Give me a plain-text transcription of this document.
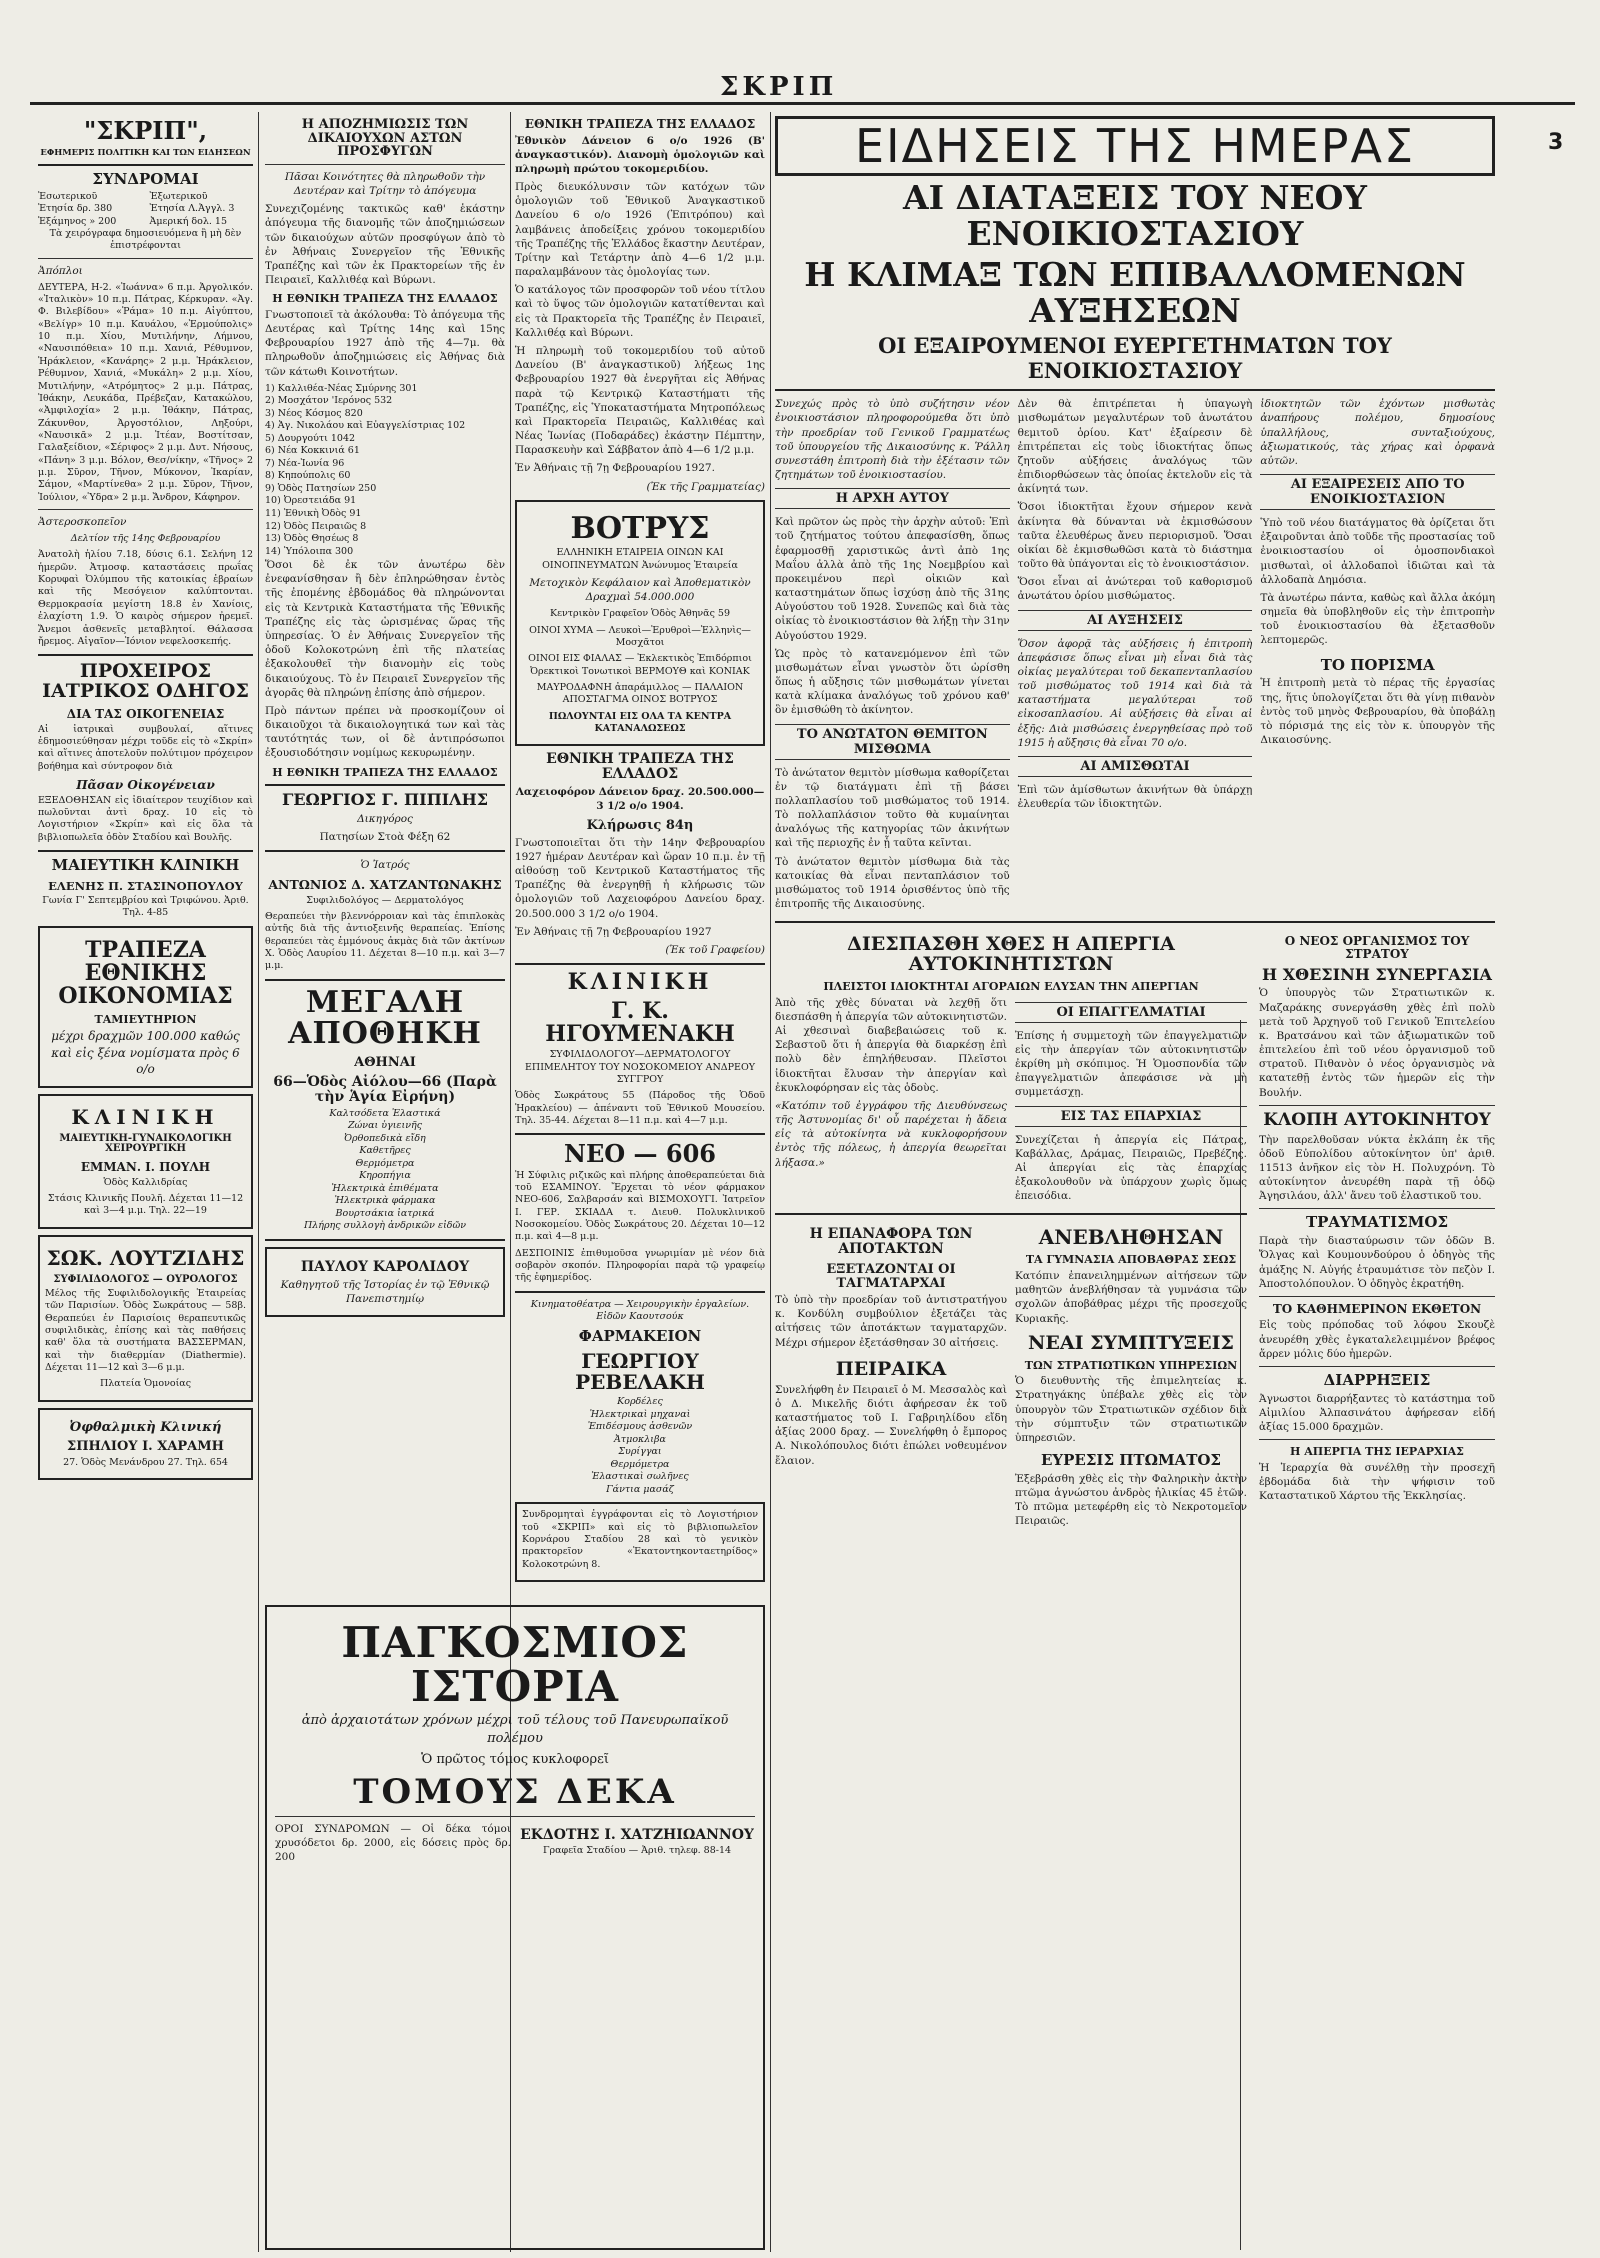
ΣΚΡΙΠ
3
"ΣΚΡΙΠ",
ΕΦΗΜΕΡΙΣ ΠΟΛΙΤΙΚΗ ΚΑΙ ΤΩΝ ΕΙΔΗΣΕΩΝ
ΣΥΝΔΡΟΜΑΙ
Ἐσωτερικοῦ
Ἐτησία δρ. 380
Ἑξάμηνος » 200
Ἐξωτερικοῦ
Ἐτησία Λ.Ἀγγλ. 3
Ἀμερική δολ. 15
Τὰ χειρόγραφα δημοσιευόμενα ἢ μὴ δὲν ἐπιστρέφονται
Ἀπόπλοι
ΔΕΥΤΕΡΑ, Η-2. «Ἰωάννα» 6 π.μ. Ἀργολικόν. «Ἰταλικὸν» 10 π.μ. Πάτρας, Κέρκυραν. «Ἀγ. Φ. Βιλεβίδου» «Ῥάμα» 10 π.μ. Αἰγύπτου, «Βελίγρ» 10 π.μ. Καυάλου, «Ἐρμούπολις» 10 π.μ. Χίου, Μυτιλήνην, Λήμνου, «Ναυσιπόθεια» 10 π.μ. Χανιά, Ρέθυμνον, Ἡράκλειον, «Κανάρης» 2 μ.μ. Ἡράκλειον, Ρέθυμνον, Χανιά, «Μυκάλη» 2 μ.μ. Χίου, Μυτιλήνην, «Ατρόμητος» 2 μ.μ. Πάτρας, Ἰθάκην, Λευκάδα, Πρέβεζαν, Κατακώλου, «Ἀμφιλοχία» 2 μ.μ. Ἰθάκην, Πάτρας, Ζάκυνθον, Ἀργοστόλιον, Ληξούρι, «Ναυσικᾶ» 2 μ.μ. Ἰτέαν, Βοστίτσαν, Γαλαξείδιον, «Σέριφος» 2 μ.μ. Δυτ. Νήσους, «Πάνη» 3 μ.μ. Βόλον, Θεσ/νίκην, «Τῆνος» 2 μ.μ. Σῦρον, Τῆνον, Μύκονον, Ἰκαρίαν, Σάμον, «Μαρτίνεθα» 2 μ.μ. Σῦρον, Τῆνον, Ἰούλιον, «Ὑδρα» 2 μ.μ. Ἄνδρον, Κάφηρον.
Ἀστεροσκοπεῖον
Δελτίον τῆς 14ης Φεβρουαρίου
Ἀνατολὴ ἡλίου 7.18, δύσις 6.1. Σελήνη 12 ἡμερῶν. Ἀτμοσφ. καταστάσεις πρωΐας Κορυφαὶ Ὀλύμπου τῆς κατοικίας ἐβραίων καὶ τῆς Μεσόγειον καλύπτονται. Θερμοκρασία μεγίστη 18.8 ἐν Χανίοις, ἐλαχίστη 1.9. Ὁ καιρὸς σήμερον ἠρεμεῖ. Ἄνεμοι ἀσθενεῖς μεταβλητοί. Θάλασσα ἤρεμος. Αἰγαῖον—Ἰόνιον νεφελοσκεπής.
ΠΡΟΧΕΙΡΟΣ ΙΑΤΡΙΚΟΣ ΟΔΗΓΟΣ
ΔΙΑ ΤΑΣ ΟΙΚΟΓΕΝΕΙΑΣ
Αἱ ἰατρικαὶ συμβουλαί, αἵτινες ἐδημοσιεύθησαν μέχρι τοῦδε εἰς τὸ «Σκρίπ» καὶ αἵτινες ἀποτελοῦν πολύτιμον πρόχειρον βοήθημα καὶ σύντροφον διὰ
Πᾶσαν Οἰκογένειαν
ΕΞΕΔΟΘΗΣΑΝ εἰς ἰδιαίτερον τευχίδιον καὶ πωλοῦνται ἀντὶ δραχ. 10 εἰς τὸ Λογιστήριον «Σκρίπ» καὶ εἰς ὅλα τὰ βιβλιοπωλεῖα ὁδὸν Σταδίου καὶ Βουλῆς.
ΜΑΙΕΥΤΙΚΗ ΚΛΙΝΙΚΗ
ΕΛΕΝΗΣ Π. ΣΤΑΣΙΝΟΠΟΥΛΟΥ
Γωνία Γ' Σεπτεμβρίου καὶ Τριφώνου. Ἀριθ. Τηλ. 4-85
ΤΡΑΠΕΖΑ ΕΘΝΙΚΗΣ ΟΙΚΟΝΟΜΙΑΣ
ΤΑΜΙΕΥΤΗΡΙΟΝ
μέχρι δραχμῶν 100.000 καθώς καὶ εἰς ξένα νομίσματα πρὸς 6 ο/ο
ΚΛΙΝΙΚΗ
ΜΑΙΕΥΤΙΚΗ-ΓΥΝΑΙΚΟΛΟΓΙΚΗ ΧΕΙΡΟΥΡΓΙΚΗ
ΕΜΜΑΝ. Ι. ΠΟΥΛΗ
Ὁδὸς Καλλιδρίας
Στάσις Κλινικῆς Πουλῆ. Δέχεται 11—12 καὶ 3—4 μ.μ. Τηλ. 22—19
ΣΩΚ. ΛΟΥΤΖΙΔΗΣ
ΣΥΦΙΛΙΔΟΛΟΓΟΣ — ΟΥΡΟΛΟΓΟΣ
Μέλος τῆς Συφιλιδολογικῆς Ἑταιρείας τῶν Παρισίων. Ὁδὸς Σωκράτους — 58β. Θεραπεύει ἐν Παρισίοις θεραπευτικῶς συφιλιδικὰς, ἐπίσης καὶ τὰς παθήσεις καθ' ὅλα τὰ συστήματα ΒΑΣΣΕΡΜΑΝ, καὶ τὴν διαθερμίαν (Diathermie). Δέχεται 11—12 καὶ 3—6 μ.μ.
Πλατεία Ὁμονοίας
Ὀφθαλμικὴ Κλινική
ΣΠΗΛΙΟΥ Ι. ΧΑΡΑΜΗ
27. Ὁδὸς Μενάνδρου 27. Τηλ. 654
Η ΑΠΟΖΗΜΙΩΣΙΣ ΤΩΝ ΔΙΚΑΙΟΥΧΩΝ ΑΣΤΩΝ ΠΡΟΣΦΥΓΩΝ
Πᾶσαι Κοινότητες θὰ πληρωθοῦν τὴν Δευτέραν καὶ Τρίτην τὸ ἀπόγευμα
Συνεχιζομένης τακτικῶς καθ' ἑκάστην ἀπόγευμα τῆς διανομῆς τῶν ἀποζημιώσεων τῶν δικαιούχων αὐτῶν προσφύγων ἀπὸ τὸ ἐν Ἀθήναις Συνεργεῖον τῆς Ἐθνικῆς Τραπέζης καὶ τῶν ἐκ Πρακτορείων τῆς ἐν Πειραιεῖ, Καλλιθέᾳ καὶ Βύρωνι.
Η ΕΘΝΙΚΗ ΤΡΑΠΕΖΑ ΤΗΣ ΕΛΛΑΔΟΣ
Γνωστοποιεῖ τὰ ἀκόλουθα: Τὸ ἀπόγευμα τῆς Δευτέρας καὶ Τρίτης 14ης καὶ 15ης Φεβρουαρίου 1927 ἀπὸ τῆς 4—7μ. θὰ πληρωθοῦν ἀποζημιώσεις εἰς Ἀθήνας διὰ τῶν κάτωθι Κοινοτήτων.
1) Καλλιθέα-Νέας Σμύρνης 301
2) Μοσχάτον 'Ιερόνος 532
3) Νέος Κόσμος 820
4) Ἀγ. Νικολάου καὶ Εὐαγγελίστριας 102
5) Δουργούτι 1042
6) Νέα Κοκκινιά 61
7) Νέα-Ἰωνία 96
8) Κηπούπολις 60
9) Ὁδὸς Πατησίων 250
10) Ὀρεστειάδα 91
11) Ἐθνικὴ Ὀδὸς 91
12) Ὀδὸς Πειραιῶς 8
13) Ὀδὸς Θησέως 8
14) Ὑπόλοιπα 300
Ὅσοι δὲ ἐκ τῶν ἀνωτέρω δὲν ἐνεφανίσθησαν ἢ δὲν ἐπληρώθησαν ἐντὸς τῆς ἐπομένης ἑβδομάδος θὰ πληρώνονται εἰς τὰ Κεντρικὰ Καταστήματα τῆς Ἐθνικῆς Τραπέζης εἰς τὰς ὡρισμένας ὥρας τῆς ὑπηρεσίας. Ὁ ἐν Ἀθήναις Συνεργεῖον τῆς ὁδοῦ Κολοκοτρώνη ἐπὶ τῆς πλατείας ἐξακολουθεῖ τὴν διανομὴν εἰς τοὺς δικαιούχους. Τὸ ἐν Πειραιεῖ Συνεργεῖον τῆς ἀγορᾶς θὰ πληρώνῃ ἐπίσης ἀπὸ σήμερον.
Πρὸ πάντων πρέπει νὰ προσκομίζουν οἱ δικαιοῦχοι τὰ δικαιολογητικά των καὶ τὰς ταυτότητάς των, οἱ δὲ ἀντιπρόσωποι ἐξουσιοδότησιν νομίμως κεκυρωμένην.
Η ΕΘΝΙΚΗ ΤΡΑΠΕΖΑ ΤΗΣ ΕΛΛΑΔΟΣ
ΓΕΩΡΓΙΟΣ Γ. ΠΙΠΙΛΗΣ
Δικηγόρος
Πατησίων Στοὰ Φέξη 62
Ὁ Ἰατρός
ΑΝΤΩΝΙΟΣ Δ. ΧΑΤΖΑΝΤΩΝΑΚΗΣ
Συφιλιδολόγος — Δερματολόγος
Θεραπεύει τὴν βλεννόρροιαν καὶ τὰς ἐπιπλοκὰς αὐτῆς διὰ τῆς ἀντιοξεινῆς θεραπείας. Ἐπίσης θεραπεύει τὰς ἐμμόνους ἀκμὰς διὰ τῶν ἀκτίνων X. Ὁδὸς Λαυρίου 11. Δέχεται 8—10 π.μ. καὶ 3—7 μ.μ.
ΜΕΓΑΛΗ ΑΠΟΘΗΚΗ
ΑΘΗΝΑΙ
66—Ὁδὸς Αἰόλου—66 (Παρὰ τὴν Ἁγία Εἰρήνη)
Καλτσόδετα Ἐλαστικά
Ζώναι ὑγιεινῆς
Ὀρθοπεδικὰ εἴδη
Καθετῆρες
Θερμόμετρα
Κηροπήγια
Ἠλεκτρικὰ ἐπιθέματα
Ἠλεκτρικὰ φάρμακα
Βουρτσάκια ἰατρικά
Πλήρης συλλογὴ ἀνδρικῶν εἰδῶν
ΠΑΥΛΟΥ ΚΑΡΟΛΙΔΟΥ
Καθηγητοῦ τῆς Ἱστορίας ἐν τῷ Ἐθνικῷ Πανεπιστημίῳ
ΕΘΝΙΚΗ ΤΡΑΠΕΖΑ ΤΗΣ ΕΛΛΑΔΟΣ
Ἐθνικὸν Δάνειον 6 ο/ο 1926 (Β' ἀναγκαστικόν). Διανομὴ ὁμολογιῶν καὶ πληρωμὴ πρώτου τοκομεριδίου.
Πρὸς διευκόλυνσιν τῶν κατόχων τῶν ὁμολογιῶν τοῦ Ἐθνικοῦ Ἀναγκαστικοῦ Δανείου 6 ο/ο 1926 (Ἐπιτρόπου) καὶ λαμβάνεις ἀποδείξεις χρόνου τοκομεριδίου τῆς Τραπέζης τῆς Ἑλλάδος ἔκαστην Δευτέραν, Τρίτην καὶ Τετάρτην ἀπὸ 4—6 1/2 μ.μ. παραλαμβάνουν τὰς ὁμολογίας των.
Ὁ κατάλογος τῶν προσφορῶν τοῦ νέου τίτλου καὶ τὸ ὕψος τῶν ὁμολογιῶν κατατίθενται καὶ εἰς τὰ Πρακτορεῖα τῆς Τραπέζης ἐν Πειραιεῖ, Καλλιθέᾳ καὶ Βύρωνι.
Ἡ πληρωμὴ τοῦ τοκομεριδίου τοῦ αὐτοῦ Δανείου (Β' ἀναγκαστικοῦ) λήξεως 1ης Φεβρουαρίου 1927 θὰ ἐνεργῆται εἰς Ἀθήνας παρὰ τῷ Κεντρικῷ Καταστήματι τῆς Τραπέζης, εἰς Ὑποκαταστήματα Μητροπόλεως καὶ Πρακτορεῖα Πειραιῶς, Καλλιθέας καὶ Νέας Ἰωνίας (Ποδαράδες) ἑκάστην Πέμπτην, Παρασκευὴν καὶ Σάββατον ἀπὸ 4—6 1/2 μ.μ.
Ἐν Ἀθήναις τῇ 7ῃ Φεβρουαρίου 1927.
(Ἐκ τῆς Γραμματείας)
ΒΟΤΡΥΣ
ΕΛΛΗΝΙΚΗ ΕΤΑΙΡΕΙΑ ΟΙΝΩΝ ΚΑΙ ΟΙΝΟΠΝΕΥΜΑΤΩΝ Ἀνώνυμος Ἑταιρεία
Μετοχικὸν Κεφάλαιον καὶ Ἀποθεματικὸν Δραχμαὶ 54.000.000
Κεντρικὸν Γραφεῖον Ὁδὸς Ἀθηνᾶς 59
ΟΙΝΟΙ ΧΥΜΑ — Λευκοὶ—Ἐρυθροὶ—Ἑλληνὶς—Μοσχᾶτοι
ΟΙΝΟΙ ΕΙΣ ΦΙΑΛΑΣ — Ἐκλεκτικὸς Ἐπιδόρπιοι Ὀρεκτικοὶ Τονωτικοὶ ΒΕΡΜΟΥΘ καὶ ΚΟΝΙΑΚ
ΜΑΥΡΟΔΑΦΝΗ ἀπαράμιλλος — ΠΑΛΑΙΟΝ ΑΠΟΣΤΑΓΜΑ ΟΙΝΟΣ ΒΟΤΡΥΟΣ
ΠΩΛΟΥΝΤΑΙ ΕΙΣ ΟΛΑ ΤΑ ΚΕΝΤΡΑ ΚΑΤΑΝΑΛΩΣΕΩΣ
ΕΘΝΙΚΗ ΤΡΑΠΕΖΑ ΤΗΣ ΕΛΛΑΔΟΣ
Λαχειοφόρον Δάνειον δραχ. 20.500.000—3 1/2 ο/ο 1904.
Κλήρωσις 84η
Γνωστοποιεῖται ὅτι τὴν 14ην Φεβρουαρίου 1927 ἡμέραν Δευτέραν καὶ ὥραν 10 π.μ. ἐν τῇ αἰθούσῃ τοῦ Κεντρικοῦ Καταστήματος τῆς Τραπέζης θὰ ἐνεργηθῇ ἡ κλήρωσις τῶν ὁμολογιῶν τοῦ Λαχειοφόρου Δανείου δραχ. 20.500.000 3 1/2 ο/ο 1904.
Ἐν Ἀθήναις τῇ 7ῃ Φεβρουαρίου 1927
(Ἐκ τοῦ Γραφείου)
ΚΛΙΝΙΚΗ
Γ. Κ. ΗΓΟΥΜΕΝΑΚΗ
ΣΥΦΙΛΙΔΟΛΟΓΟΥ—ΔΕΡΜΑΤΟΛΟΓΟΥ ΕΠΙΜΕΛΗΤΟΥ ΤΟΥ ΝΟΣΟΚΟΜΕΙΟΥ ΑΝΔΡΕΟΥ ΣΥΓΓΡΟΥ
Ὁδὸς Σωκράτους 55 (Πάροδος τῆς Ὁδοῦ Ἡρακλείου) — ἀπέναντι τοῦ Ἐθνικοῦ Μουσείου. Τηλ. 35-44. Δέχεται 8—11 π.μ. καὶ 4—7 μ.μ.
ΝΕΟ — 606
Ἡ Σύφιλις ριζικῶς καὶ πλήρης ἀποθεραπεύεται διὰ τοῦ ΕΣΑΜΙΝΟΥ. Ἔρχεται τὸ νέον φάρμακον ΝΕΟ-606, Σαλβαρσάν καὶ ΒΙΣΜΟΧΟΥΓΙ. Ἰατρεῖον Ι. ΓΕΡ. ΣΚΙΑΔΑ τ. Διευθ. Πολυκλινικοῦ Νοσοκομείου. Ὁδὸς Σωκράτους 20. Δέχεται 10—12 π.μ. καὶ 4—8 μ.μ.
ΔΕΣΠΟΙΝΙΣ ἐπιθυμοῦσα γνωριμίαν μὲ νέον διὰ σοβαρὸν σκοπόν. Πληροφορίαι παρὰ τῷ γραφείῳ τῆς ἐφημερίδος.
Κινηματοθέατρα — Χειρουργικὴν ἐργαλείων. Εἰδῶν Καουτσούκ
ΦΑΡΜΑΚΕΙΟΝ
ΓΕΩΡΓΙΟΥ ΡΕΒΕΛΑΚΗ
Κορδέλες
Ἠλεκτρικαὶ μηχαναὶ
Ἐπιδέσμους ἀσθενῶν
Ἀτμοκλιβα
Συρίγγαι
Θερμόμετρα
Ἐλαστικαὶ σωλῆνες
Γάντια μασάζ
Συνδρομηταὶ ἐγγράφονται εἰς τὸ Λογιστήριον τοῦ «ΣΚΡΙΠ» καὶ εἰς τὸ βιβλιοπωλεῖον Κορνάρου Σταδίου 28 καὶ τὸ γενικὸν πρακτορεῖον «Ἐκατοντηκονταετηρίδος» Κολοκοτρώνη 8.
ΠΑΓΚΟΣΜΙΟΣ ΙΣΤΟΡΙΑ
ἀπὸ ἀρχαιοτάτων χρόνων μέχρι τοῦ τέλους τοῦ Πανευρωπαϊκοῦ πολέμου
Ὁ πρῶτος τόμος κυκλοφορεῖ
ΤΟΜΟΥΣ ΔΕΚΑ
ΟΡΟΙ ΣΥΝΔΡΟΜΩΝ — Οἱ δέκα τόμοι χρυσόδετοι δρ. 2000, εἰς δόσεις πρὸς δρ. 200
ΕΚΔΟΤΗΣ Ι. ΧΑΤΖΗΙΩΑΝΝΟΥ
Γραφεῖα Σταδίου — Ἀριθ. τηλεφ. 88-14
ΕΙΔΗΣΕΙΣ ΤΗΣ ΗΜΕΡΑΣ
ΑΙ ΔΙΑΤΑΞΕΙΣ ΤΟΥ ΝΕΟΥ ΕΝΟΙΚΙΟΣΤΑΣΙΟΥ
Η ΚΛΙΜΑΞ ΤΩΝ ΕΠΙΒΑΛΛΟΜΕΝΩΝ ΑΥΞΗΣΕΩΝ
ΟΙ ΕΞΑΙΡΟΥΜΕΝΟΙ ΕΥΕΡΓΕΤΗΜΑΤΩΝ ΤΟΥ ΕΝΟΙΚΙΟΣΤΑΣΙΟΥ
Συνεχώς πρὸς τὸ ὑπὸ συζήτησιν νέον ἐνοικιοστάσιον πληροφορούμεθα ὅτι ὑπὸ τὴν προεδρίαν τοῦ Γενικοῦ Γραμματέως τοῦ ὑπουργείου τῆς Δικαιοσύνης κ. Ῥάλλη συνεστάθη ἐπιτροπὴ διὰ τὴν ἐξέτασιν τῶν ζητημάτων τοῦ ἐνοικιοστασίου.
Η ΑΡΧΗ ΑΥΤΟΥ
Καὶ πρῶτον ὡς πρὸς τὴν ἀρχὴν αὐτοῦ: Ἐπὶ τοῦ ζητήματος τούτου ἀπεφασίσθη, ὅπως ἐφαρμοσθῇ χαριστικῶς ἀντὶ ἀπὸ 1ης Μαΐου ἀλλὰ ἀπὸ τῆς 1ης Νοεμβρίου καὶ προκειμένου περὶ οἰκιῶν καὶ καταστημάτων ὅπως ἰσχύσῃ ἀπὸ τῆς 31ης Αὐγούστου τοῦ 1928. Συνεπῶς καὶ διὰ τὰς οἰκίας τὸ ἐνοικιοστάσιον θὰ λήξῃ τὴν 31ην Αὐγούστου 1929.
Ὡς πρὸς τὸ κατανεμόμενον ἐπὶ τῶν μισθωμάτων εἶναι γνωστὸν ὅτι ὡρίσθη ὅπως ἡ αὔξησις τῶν μισθωμάτων γίνεται κατὰ κλίμακα ἀναλόγως τοῦ χρόνου καθ' ὃν ἐμισθώθη τὸ ἀκίνητον.
ΤΟ ΑΝΩΤΑΤΟΝ ΘΕΜΙΤΟΝ ΜΙΣΘΩΜΑ
Τὸ ἀνώτατον θεμιτὸν μίσθωμα καθορίζεται ἐν τῷ διατάγματι ἐπὶ τῇ βάσει πολλαπλασίου τοῦ μισθώματος τοῦ 1914. Τὸ πολλαπλάσιον τοῦτο θὰ κυμαίνηται ἀναλόγως τῆς κατηγορίας τῶν ἀκινήτων καὶ τῆς περιοχῆς ἐν ᾗ ταῦτα κεῖνται.
Τὸ ἀνώτατον θεμιτὸν μίσθωμα διὰ τὰς κατοικίας θὰ εἶναι πενταπλάσιον τοῦ μισθώματος τοῦ 1914 ὁρισθέντος ὑπὸ τῆς ἐπιτροπῆς τῆς Δικαιοσύνης.
Δὲν θὰ ἐπιτρέπεται ἡ ὑπαγωγὴ μισθωμάτων μεγαλυτέρων τοῦ ἀνωτάτου θεμιτοῦ ὁρίου. Κατ' ἐξαίρεσιν δὲ ἐπιτρέπεται εἰς τοὺς ἰδιοκτήτας ὅπως ζητοῦν αὐξήσεις ἀναλόγως τῶν ἐπιδιορθώσεων τὰς ὁποίας ἐκτελοῦν εἰς τὰ ἀκίνητά των.
Ὅσοι ἰδιοκτῆται ἔχουν σήμερον κενὰ ἀκίνητα θὰ δύνανται νὰ ἐκμισθώσουν ταῦτα ἐλευθέρως ἄνευ περιορισμοῦ. Ὅσαι οἰκίαι δὲ ἐκμισθωθῶσι κατὰ τὸ διάστημα τοῦτο θὰ ὑπάγονται εἰς τὸ ἐνοικιοστάσιον.
Ὅσοι εἶναι αἱ ἀνώτεραι τοῦ καθορισμοῦ ἀνωτάτου ὁρίου μισθώματος.
ΑΙ ΑΥΞΗΣΕΙΣ
Ὅσον ἀφορᾷ τὰς αὐξήσεις ἡ ἐπιτροπὴ ἀπεφάσισε ὅπως εἶναι μὴ εἶναι διὰ τὰς οἰκίας μεγαλύτεραι τοῦ δεκαπενταπλασίου τοῦ μισθώματος τοῦ 1914 καὶ διὰ τὰ καταστήματα μεγαλύτεραι τοῦ εἰκοσαπλασίου. Αἱ αὐξήσεις θὰ εἶναι αἱ ἑξῆς: Διὰ μισθώσεις ἐνεργηθείσας πρὸ τοῦ 1915 ἡ αὔξησις θὰ εἶναι 70 ο/ο.
ΑΙ ΑΜΙΣΘΩΤΑΙ
Ἐπὶ τῶν ἀμίσθωτων ἀκινήτων θὰ ὑπάρχῃ ἐλευθερία τῶν ἰδιοκτητῶν.
ἰδιοκτητῶν τῶν ἐχόντων μισθωτὰς ἀναπήρους πολέμου, δημοσίους ὑπαλλήλους, συνταξιούχους, ἀξιωματικούς, τὰς χήρας καὶ ὀρφανὰ αὐτῶν.
ΑΙ ΕΞΑΙΡΕΣΕΙΣ ΑΠΟ ΤΟ ΕΝΟΙΚΙΟΣΤΑΣΙΟΝ
Ὑπὸ τοῦ νέου διατάγματος θὰ ὁρίζεται ὅτι ἐξαιροῦνται ἀπὸ τοῦδε τῆς προστασίας τοῦ ἐνοικιοστασίου οἱ ὁμοσπονδιακοὶ μισθωταὶ, οἱ ἀλλοδαποὶ ἰδιῶται καὶ τὰ ἀλλοδαπὰ Δημόσια.
Τὰ ἀνωτέρω πάντα, καθὼς καὶ ἄλλα ἀκόμη σημεῖα θὰ ὑποβληθοῦν εἰς τὴν ἐπιτροπὴν τοῦ ἐνοικιοστασίου θὰ ἐξετασθοῦν λεπτομερῶς.
ΤΟ ΠΟΡΙΣΜΑ
Ἡ ἐπιτροπὴ μετὰ τὸ πέρας τῆς ἐργασίας της, ἥτις ὑπολογίζεται ὅτι θὰ γίνῃ πιθανὸν ἐντὸς τοῦ μηνὸς Φεβρουαρίου, θὰ ὑποβάλῃ τὸ πόρισμά της εἰς τὸν κ. ὑπουργὸν τῆς Δικαιοσύνης.
ΔΙΕΣΠΑΣΘΗ ΧΘΕΣ Η ΑΠΕΡΓΙΑ ΑΥΤΟΚΙΝΗΤΙΣΤΩΝ
ΠΛΕΙΣΤΟΙ ΙΔΙΟΚΤΗΤΑΙ ΑΓΟΡΑΙΩΝ ΕΛΥΣΑΝ ΤΗΝ ΑΠΕΡΓΙΑΝ
Ἀπὸ τῆς χθὲς δύναται νὰ λεχθῇ ὅτι διεσπάσθη ἡ ἀπεργία τῶν αὐτοκινητιστῶν. Αἱ χθεσιναὶ διαβεβαιώσεις τοῦ κ. Σεβαστοῦ ὅτι ἡ ἀπεργία θὰ διαρκέσῃ ἐπὶ πολὺ δὲν ἐπηλήθευσαν. Πλεῖστοι ἰδιοκτῆται ἔλυσαν τὴν ἀπεργίαν καὶ ἐκυκλοφόρησαν εἰς τὰς ὁδοὺς.
«Κατόπιν τοῦ ἐγγράφου τῆς Διευθύνσεως τῆς Ἀστυνομίας δι' οὗ παρέχεται ἡ ἄδεια εἰς τὰ αὐτοκίνητα νὰ κυκλοφορήσουν ἐντὸς τῆς πόλεως, ἡ ἀπεργία θεωρεῖται λήξασα.»
ΟΙ ΕΠΑΓΓΕΛΜΑΤΙΑΙ
Ἐπίσης ἡ συμμετοχὴ τῶν ἐπαγγελματιῶν εἰς τὴν ἀπεργίαν τῶν αὐτοκινητιστῶν ἐκρίθη μὴ σκόπιμος. Ἡ Ὁμοσπονδία τῶν ἐπαγγελματιῶν ἀπεφάσισε νὰ μὴ συμμετάσχῃ.
ΕΙΣ ΤΑΣ ΕΠΑΡΧΙΑΣ
Συνεχίζεται ἡ ἀπεργία εἰς Πάτρας, Καβάλλας, Δράμας, Πειραιῶς, Πρεβέζης. Αἱ ἀπεργίαι εἰς τὰς ἐπαρχίας ἐξακολουθοῦν νὰ ὑπάρχουν χωρὶς ὅμως ἐπεισόδια.
Η ΕΠΑΝΑΦΟΡΑ ΤΩΝ ΑΠΟΤΑΚΤΩΝ
ΕΞΕΤΑΖΟΝΤΑΙ ΟΙ ΤΑΓΜΑΤΑΡΧΑΙ
Τὸ ὑπὸ τὴν προεδρίαν τοῦ ἀντιστρατήγου κ. Κονδύλη συμβούλιον ἐξετάζει τὰς αἰτήσεις τῶν ἀποτάκτων ταγματαρχῶν. Μέχρι σήμερον ἐξετάσθησαν 30 αἰτήσεις.
ΠΕΙΡΑΙΚΑ
Συνελήφθη ἐν Πειραιεῖ ὁ Μ. Μεσσαλὸς καὶ ὁ Δ. Μικελῆς διότι ἀφήρεσαν ἐκ τοῦ καταστήματος τοῦ Ι. Γαβριηλίδου εἴδη ἀξίας 2000 δραχ. — Συνελήφθη ὁ ἔμπορος Α. Νικολόπουλος διότι ἐπώλει νοθευμένον ἔλαιον.
ΑΝΕΒΛΗΘΗΣΑΝ
ΤΑ ΓΥΜΝΑΣΙΑ ΑΠΟΒΑΘΡΑΣ ΣΕΩΣ
Κατόπιν ἐπανειλημμένων αἰτήσεων τῶν μαθητῶν ἀνεβλήθησαν τὰ γυμνάσια τῶν σχολῶν ἀποβάθρας μέχρι τῆς προσεχοῦς Κυριακῆς.
ΝΕΑΙ ΣΥΜΠΤΥΞΕΙΣ
ΤΩΝ ΣΤΡΑΤΙΩΤΙΚΩΝ ΥΠΗΡΕΣΙΩΝ
Ὁ διευθυντὴς τῆς ἐπιμελητείας κ. Στρατηγάκης ὑπέβαλε χθὲς εἰς τὸν ὑπουργὸν τῶν Στρατιωτικῶν σχέδιον διὰ τὴν σύμπτυξιν τῶν στρατιωτικῶν ὑπηρεσιῶν.
ΕΥΡΕΣΙΣ ΠΤΩΜΑΤΟΣ
Ἐξεβράσθη χθὲς εἰς τὴν Φαληρικὴν ἀκτὴν πτῶμα ἀγνώστου ἀνδρὸς ἠλικίας 45 ἐτῶν. Τὸ πτῶμα μετεφέρθη εἰς τὸ Νεκροτομεῖον Πειραιῶς.
Ο ΝΕΟΣ ΟΡΓΑΝΙΣΜΟΣ ΤΟΥ ΣΤΡΑΤΟΥ
Η ΧΘΕΣΙΝΗ ΣΥΝΕΡΓΑΣΙΑ
Ὁ ὑπουργὸς τῶν Στρατιωτικῶν κ. Μαζαράκης συνεργάσθη χθὲς ἐπὶ πολὺ μετὰ τοῦ Ἀρχηγοῦ τοῦ Γενικοῦ Ἐπιτελείου κ. Βρατσάνου καὶ τῶν ἀξιωματικῶν τοῦ ἐπιτελείου ἐπὶ τοῦ νέου ὀργανισμοῦ τοῦ στρατοῦ. Πιθανὸν ὁ νέος ὀργανισμὸς νὰ κατατεθῇ ἐντὸς τῶν ἡμερῶν εἰς τὴν Βουλήν.
ΚΛΟΠΗ ΑΥΤΟΚΙΝΗΤΟΥ
Τὴν παρελθοῦσαν νύκτα ἐκλάπη ἐκ τῆς ὁδοῦ Εὐπολίδου αὐτοκίνητον ὑπ' ἀριθ. 11513 ἀνῆκον εἰς τὸν Η. Πολυχρόνη. Τὸ αὐτοκίνητον ἀνευρέθη παρὰ τῇ ὁδῷ Ἀγησιλάου, ἀλλ' ἄνευ τοῦ ἐλαστικοῦ του.
ΤΡΑΥΜΑΤΙΣΜΟΣ
Παρὰ τὴν διασταύρωσιν τῶν ὁδῶν Β. Ὄλγας καὶ Κουμουνδούρου ὁ ὁδηγὸς τῆς ἁμάξης Ν. Αὐγής ἐτραυμάτισε τὸν πεζὸν Ι. Ἀποστολόπουλον. Ὁ ὁδηγὸς ἐκρατήθη.
ΤΟ ΚΑΘΗΜΕΡΙΝΟΝ ΕΚΘΕΤΟΝ
Εἰς τοὺς πρόποδας τοῦ λόφου Σκουζὲ ἀνευρέθη χθὲς ἐγκαταλελειμμένον βρέφος ἄρρεν μόλις δύο ἡμερῶν.
ΔΙΑΡΡΗΞΕΙΣ
Ἀγνωστοι διαρρήξαντες τὸ κατάστημα τοῦ Αἰμιλίου Ἀλπασινάτου ἀφήρεσαν εἰδή ἀξίας 15.000 δραχμῶν.
Η ΑΠΕΡΓΙΑ ΤΗΣ ΙΕΡΑΡΧΙΑΣ
Ἡ Ἱεραρχία θὰ συνέλθῃ τὴν προσεχῆ ἑβδομάδα διὰ τὴν ψήφισιν τοῦ Καταστατικοῦ Χάρτου τῆς Ἐκκλησίας.
